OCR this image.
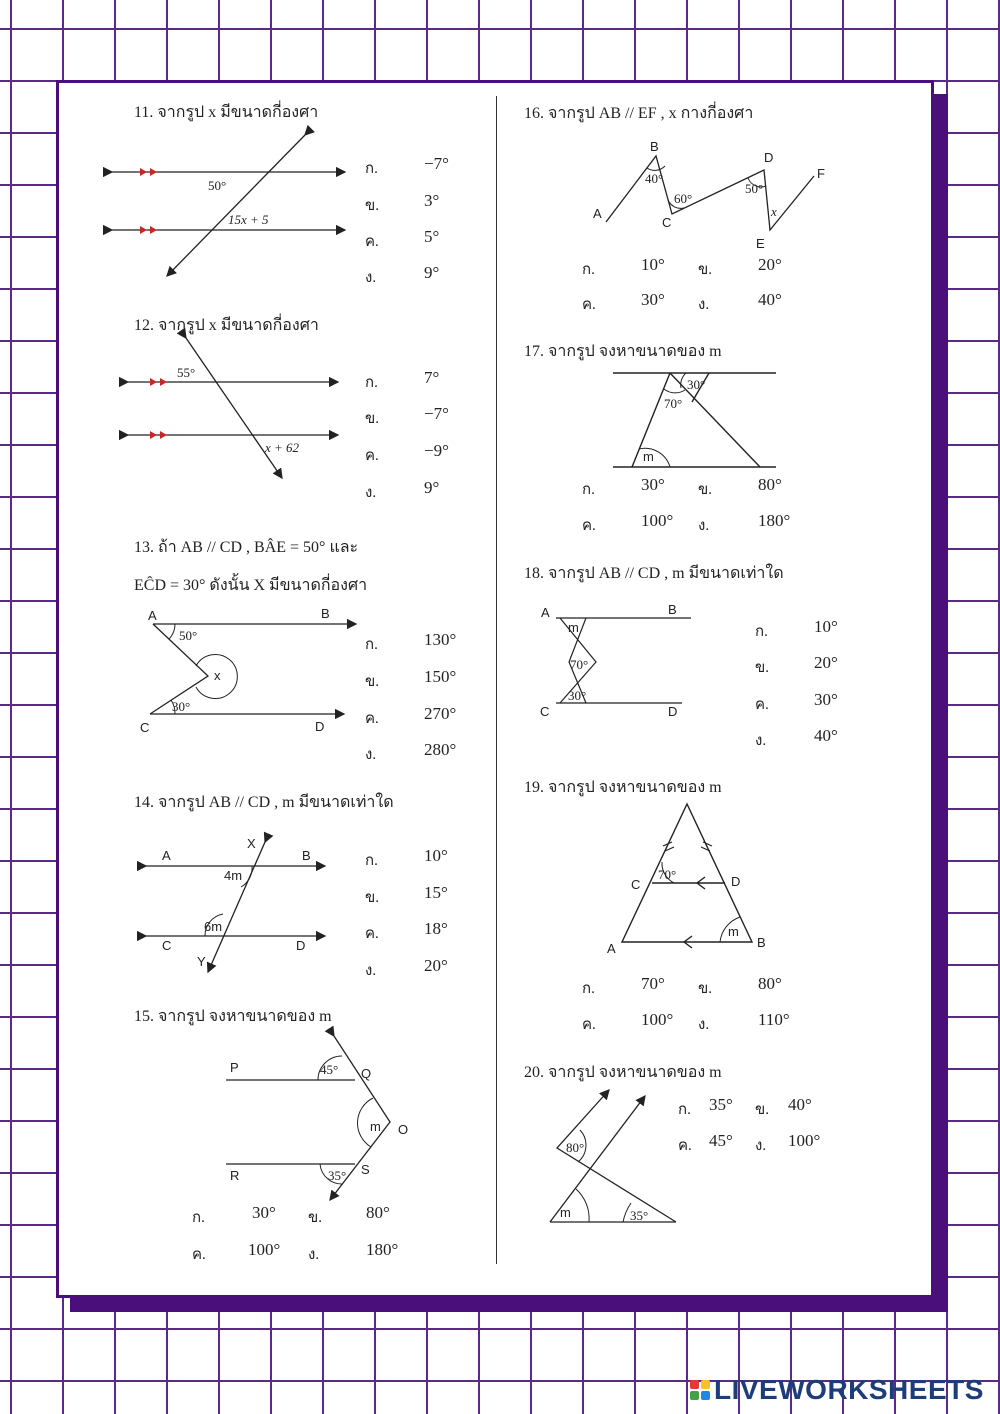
11. จากรูป x มีขนาดกี่องศา
50°
15x + 5
ก.	−7°
ข.	3°
ค.	5°
ง.	9°
12. จากรูป x มีขนาดกี่องศา
55°
x + 62
ก.	7°
ข.	−7°
ค.	−9°
ง.	9°
13. ถ้า AB // CD , BÂE = 50° และ
EĈD = 30° ดังนั้น X มีขนาดกี่องศา
A	B
C	D
x
50°
30°
ก.	130°
ข.	150°
ค.	270°
ง.	280°
14. จากรูป AB // CD , m มีขนาดเท่าใด
A	B
C	D
X
Y
4m
6m
ก.	10°
ข.	15°
ค.	18°
ง.	20°
15. จากรูป จงหาขนาดของ m
P	Q
O
R	S
m
45°
35°
ก.	30° ข.	80°
ค. 100° ง.	180°
16. จากรูป AB // EF , x กางกี่องศา
A
B
C
D
E
F
40°
60°
50°
x
ก.	10° ข.	20°
ค.	30° ง.	40°
17. จากรูป จงหาขนาดของ m
30°
70°
m
ก.	30° ข.	80°
ค.	100° ง.	180°
18. จากรูป AB // CD , m มีขนาดเท่าใด
A	B
C	D
m
70°
30°
ก.	10°
ข.	20°
ค.	30°
ง.	40°
19. จากรูป จงหาขนาดของ m
A	B
C	D
m
70°
ก.	70° ข.	80°
ค.	100° ง.	110°
20. จากรูป จงหาขนาดของ m
m
80°
35°
ก. 35° ข. 40°
ค. 45° ง. 100°
LIVEWORKSHEETS
